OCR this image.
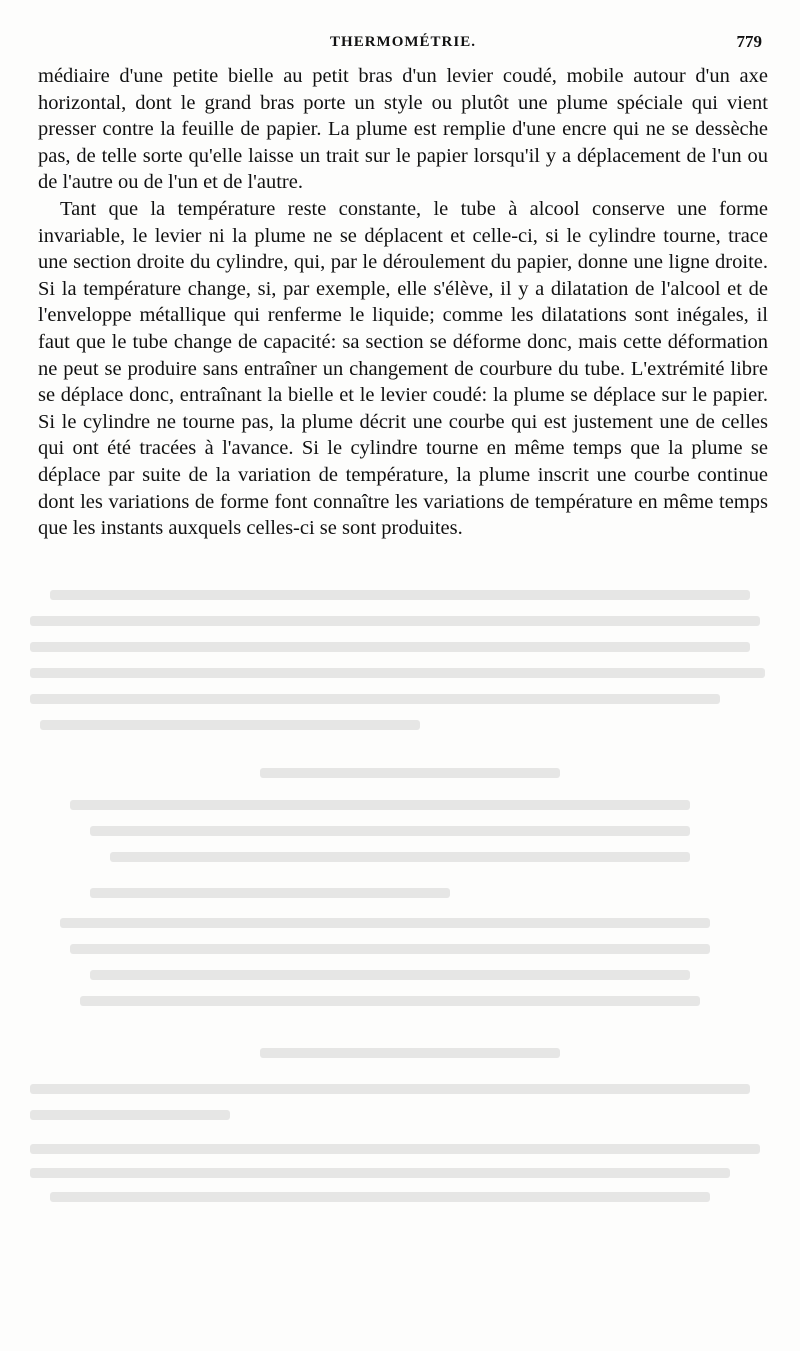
THERMOMÉTRIE.	779

médiaire d'une petite bielle au petit bras d'un levier coudé, mobile autour d'un axe horizontal, dont le grand bras porte un style ou plutôt une plume spéciale qui vient presser contre la feuille de papier. La plume est remplie d'une encre qui ne se dessèche pas, de telle sorte qu'elle laisse un trait sur le papier lorsqu'il y a déplacement de l'un ou de l'autre ou de l'un et de l'autre.

Tant que la température reste constante, le tube à alcool conserve une forme invariable, le levier ni la plume ne se déplacent et celle-ci, si le cylindre tourne, trace une section droite du cylindre, qui, par le déroulement du papier, donne une ligne droite. Si la température change, si, par exemple, elle s'élève, il y a dilatation de l'alcool et de l'enveloppe métallique qui renferme le liquide; comme les dilatations sont inégales, il faut que le tube change de capacité: sa section se déforme donc, mais cette déformation ne peut se produire sans entraîner un changement de courbure du tube. L'extrémité libre se déplace donc, entraînant la bielle et le levier coudé: la plume se déplace sur le papier. Si le cylindre ne tourne pas, la plume décrit une courbe qui est justement une de celles qui ont été tracées à l'avance. Si le cylindre tourne en même temps que la plume se déplace par suite de la variation de température, la plume inscrit une courbe continue dont les variations de forme font connaître les variations de température en même temps que les instants auxquels celles-ci se sont produites.
